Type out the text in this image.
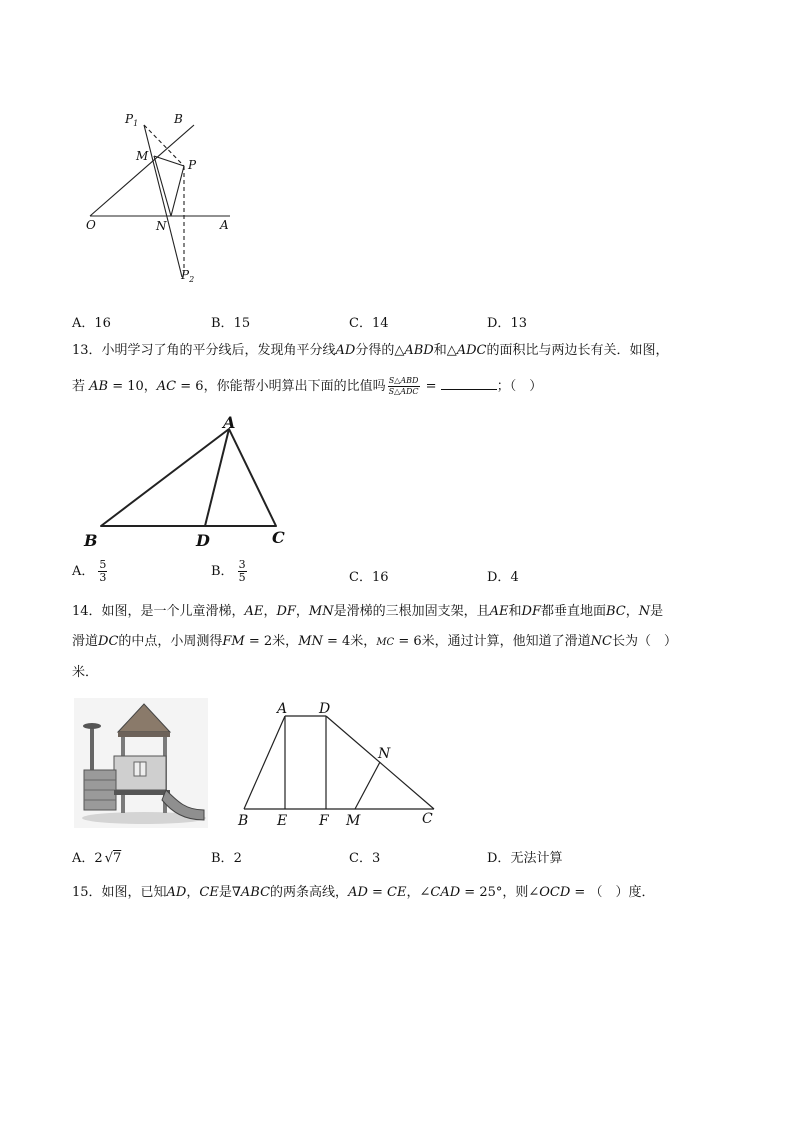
$P_1$	B
M
P
O	N	A
$P_2$
A．16	B．15	C．14	D．13
13．小明学习了角的平分线后，发现角平分线AD分得的△ABD和△ADC的面积比与两边长有关．如图，
若 AB = 10，AC = 6，你能帮小明算出下面的比值吗 $\frac{\text{S△ABD}}{\text{S△ADC}}$ =	；（　）
A
B	D	C
A． $\frac{5}{3}$	B． $\frac{3}{5}$	C．16	D．4
14．如图，是一个儿童滑梯，AE，DF，MN是滑梯的三根加固支架，且AE和DF都垂直地面BC，N是
滑道DC的中点，小周测得FM = 2米，MN = 4米，MC = 6米，通过计算，他知道了滑道NC长为（　）
米．
A D
N
B E F M	C
A．2 √7	B．2	C．3	D．无法计算
15．如图，已知AD，CE是∇ABC的两条高线，AD = CE，∠CAD = 25°，则∠OCD = （　）度．
